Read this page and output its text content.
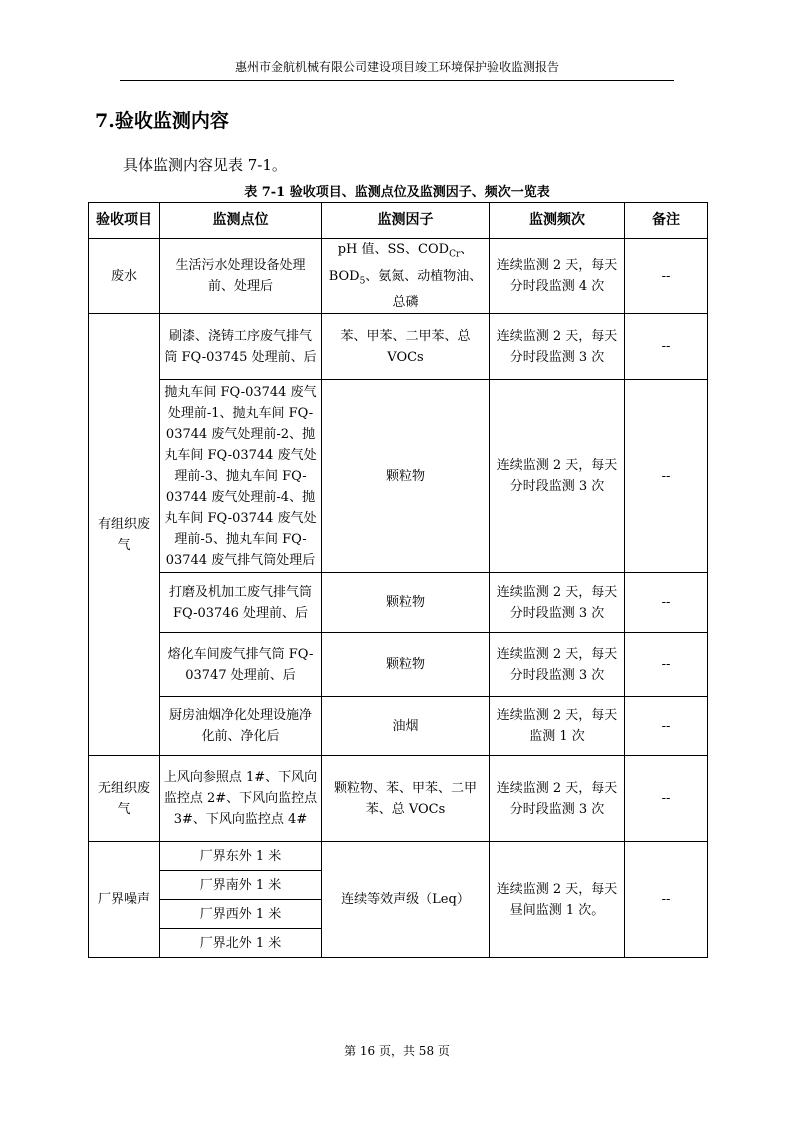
惠州市金航机械有限公司建设项目竣工环境保护验收监测报告
7.验收监测内容
具体监测内容见表 7-1。
表 7-1 验收项目、监测点位及监测因子、频次一览表
验收项目	监测点位	监测因子	监测频次	备注
废水	生活污水处理设备处理前、处理后	pH 值、SS、$COD_{Cr}$、$BOD_5$、氨氮、动植物油、总磷	连续监测 2 天，每天分时段监测 4 次	--
有组织废气	刷漆、浇铸工序废气排气筒 FQ-03745 处理前、后	苯、甲苯、二甲苯、总 VOCs	连续监测 2 天，每天分时段监测 3 次	--
	抛丸车间 FQ-03744 废气处理前-1、抛丸车间 FQ-03744 废气处理前-2、抛丸车间 FQ-03744 废气处理前-3、抛丸车间 FQ-03744 废气处理前-4、抛丸车间 FQ-03744 废气处理前-5、抛丸车间 FQ-03744 废气排气筒处理后	颗粒物	连续监测 2 天，每天分时段监测 3 次	--
	打磨及机加工废气排气筒 FQ-03746 处理前、后	颗粒物	连续监测 2 天，每天分时段监测 3 次	--
	熔化车间废气排气筒 FQ-03747 处理前、后	颗粒物	连续监测 2 天，每天分时段监测 3 次	--
	厨房油烟净化处理设施净化前、净化后	油烟	连续监测 2 天，每天监测 1 次	--
无组织废气	上风向参照点 1#、下风向监控点 2#、下风向监控点 3#、下风向监控点 4#	颗粒物、苯、甲苯、二甲苯、总 VOCs	连续监测 2 天，每天分时段监测 3 次	--
厂界噪声	厂界东外 1 米	连续等效声级（Leq）	连续监测 2 天，每天昼间监测 1 次。	--
	厂界南外 1 米			
	厂界西外 1 米			
	厂界北外 1 米			
第 16 页，共 58 页
